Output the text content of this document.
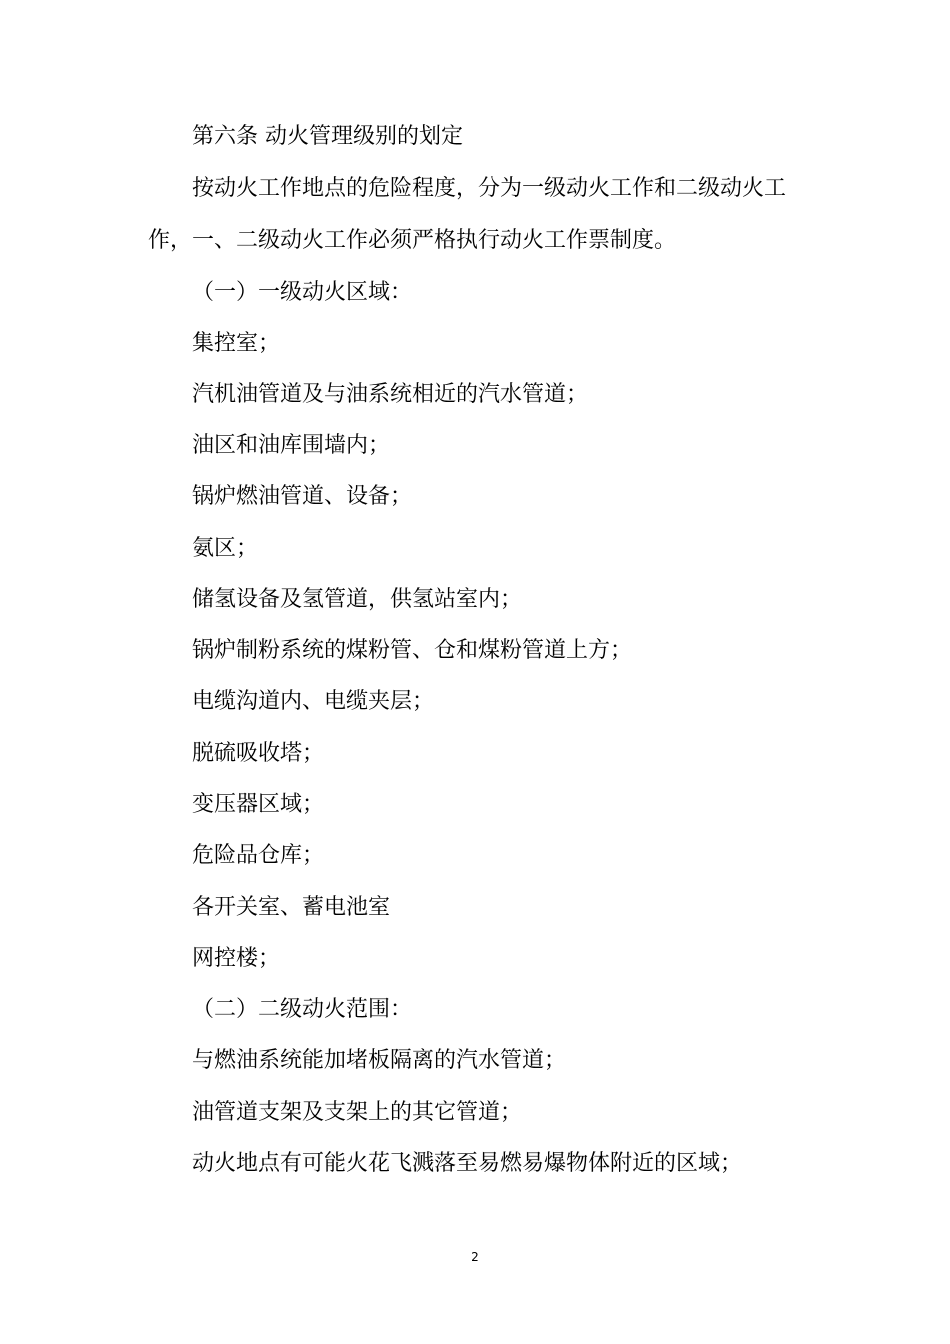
第六条 动火管理级别的划定

按动火工作地点的危险程度，分为一级动火工作和二级动火工

作，一、二级动火工作必须严格执行动火工作票制度。

（一）一级动火区域：

集控室；

汽机油管道及与油系统相近的汽水管道；

油区和油库围墙内；

锅炉燃油管道、设备；

氨区；

储氢设备及氢管道，供氢站室内；

锅炉制粉系统的煤粉管、仓和煤粉管道上方；

电缆沟道内、电缆夹层；

脱硫吸收塔；

变压器区域；

危险品仓库；

各开关室、蓄电池室

网控楼；

（二）二级动火范围：

与燃油系统能加堵板隔离的汽水管道；

油管道支架及支架上的其它管道；

动火地点有可能火花飞溅落至易燃易爆物体附近的区域；

2
